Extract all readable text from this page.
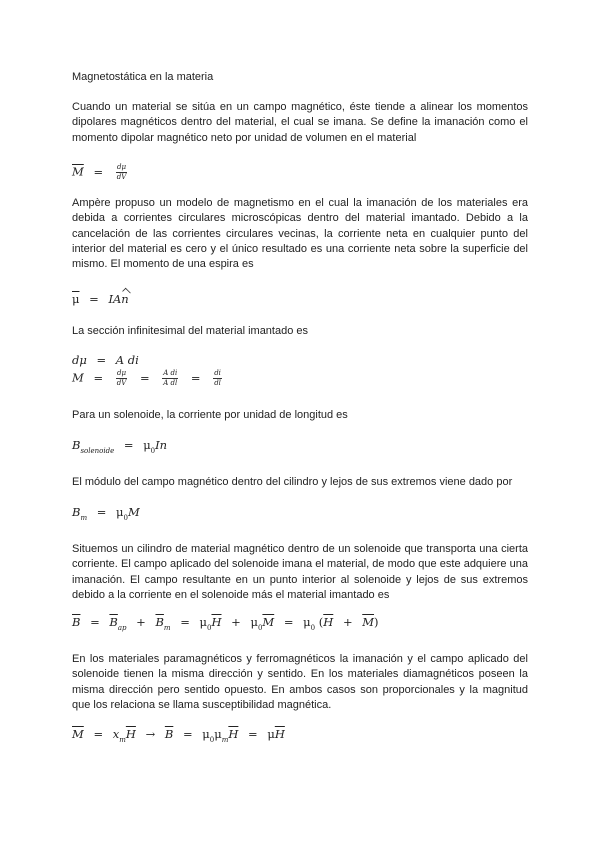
Magnetostática en la materia
Cuando un material se sitúa en un campo magnético, éste tiende a alinear los momentos dipolares magnéticos dentro del material, el cual se imana. Se define la imanación como el momento dipolar magnético neto por unidad de volumen en el material
$\overline{M} = \frac{d\mu}{dV}$
Ampère propuso un modelo de magnetismo en el cual la imanación de los materiales era debida a corrientes circulares microscópicas dentro del material imantado. Debido a la cancelación de las corrientes circulares vecinas, la corriente neta en cualquier punto del interior del material es cero y el único resultado es una corriente neta sobre la superficie del mismo. El momento de una espira es
$\overline{\mu}$ = IAn
La sección infinitesimal del material imantado es
dμ = A di
$M = \frac{d\mu}{dV} = \frac{\text{A di}}{\text{A dl}} = \frac{di}{dl}$
Para un solenoide, la corriente por unidad de longitud es
$B_{solenoide} = \mu_0In$
El módulo del campo magnético dentro del cilindro y lejos de sus extremos viene dado por
$B_m = \mu_0M$
Situemos un cilindro de material magnético dentro de un solenoide que transporta una cierta corriente. El campo aplicado del solenoide imana el material, de modo que este adquiere una imanación. El campo resultante en un punto interior al solenoide y lejos de sus extremos debido a la corriente en el solenoide más el material imantado es
$\overline{B} = \overline{B}_{ap} + \overline{B}_m = \mu_0\overline{H} + \mu_0\overline{M} = \mu_0$ $(\overline{H} + \overline{M})$
En los materiales paramagnéticos y ferromagnéticos la imanación y el campo aplicado del solenoide tienen la misma dirección y sentido. En los materiales diamagnéticos poseen la misma dirección pero sentido opuesto. En ambos casos son proporcionales y la magnitud que los relaciona se llama susceptibilidad magnética.
$\overline{M} = x_m\overline{H} \to \overline{B} = \mu_0\mu_m\overline{H} = \mu\overline{H}$
